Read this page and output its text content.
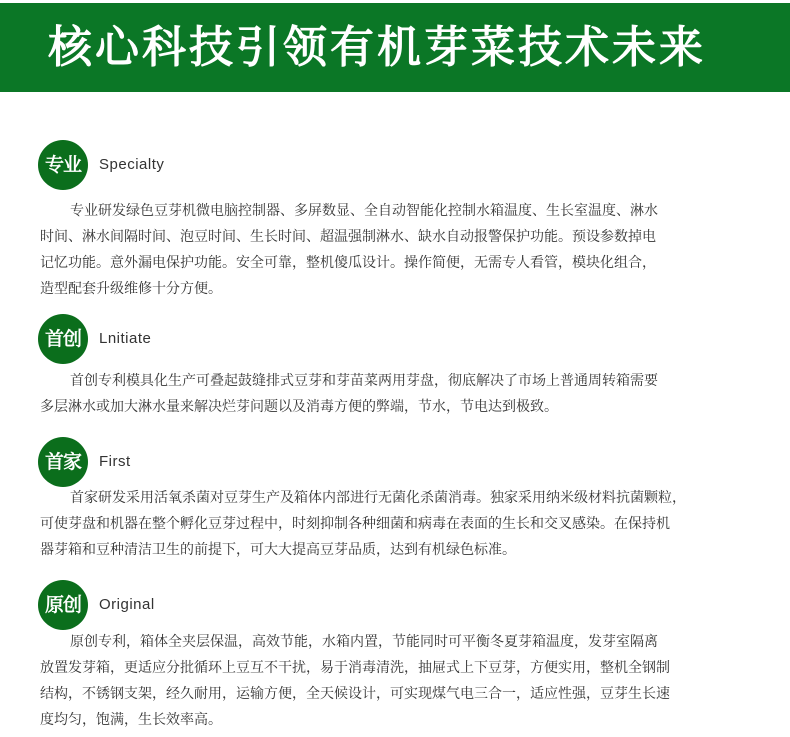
核心科技引领有机芽菜技术未来
专业	Specialty
专业研发绿色豆芽机微电脑控制器、多屏数显、全自动智能化控制水箱温度、生长室温度、淋水
时间、淋水间隔时间、泡豆时间、生长时间、超温强制淋水、缺水自动报警保护功能。预设参数掉电
记忆功能。意外漏电保护功能。安全可靠，整机傻瓜设计。操作简便，无需专人看管，模块化组合，
造型配套升级维修十分方便。
首创	Lnitiate
首创专利模具化生产可叠起鼓缝排式豆芽和芽苗菜两用芽盘，彻底解决了市场上普通周转箱需要
多层淋水或加大淋水量来解决烂芽问题以及消毒方便的弊端，节水，节电达到极致。
首家	First
首家研发采用活氧杀菌对豆芽生产及箱体内部进行无菌化杀菌消毒。独家采用纳米级材料抗菌颗粒，
可使芽盘和机器在整个孵化豆芽过程中，时刻抑制各种细菌和病毒在表面的生长和交叉感染。在保持机
器芽箱和豆种清洁卫生的前提下，可大大提高豆芽品质，达到有机绿色标准。
原创	Original
原创专利，箱体全夹层保温，高效节能，水箱内置，节能同时可平衡冬夏芽箱温度，发芽室隔离
放置发芽箱，更适应分批循环上豆互不干扰，易于消毒清洗，抽屉式上下豆芽，方便实用，整机全钢制
结构，不锈钢支架，经久耐用，运输方便，全天候设计，可实现煤气电三合一，适应性强，豆芽生长速
度均匀，饱满，生长效率高。
